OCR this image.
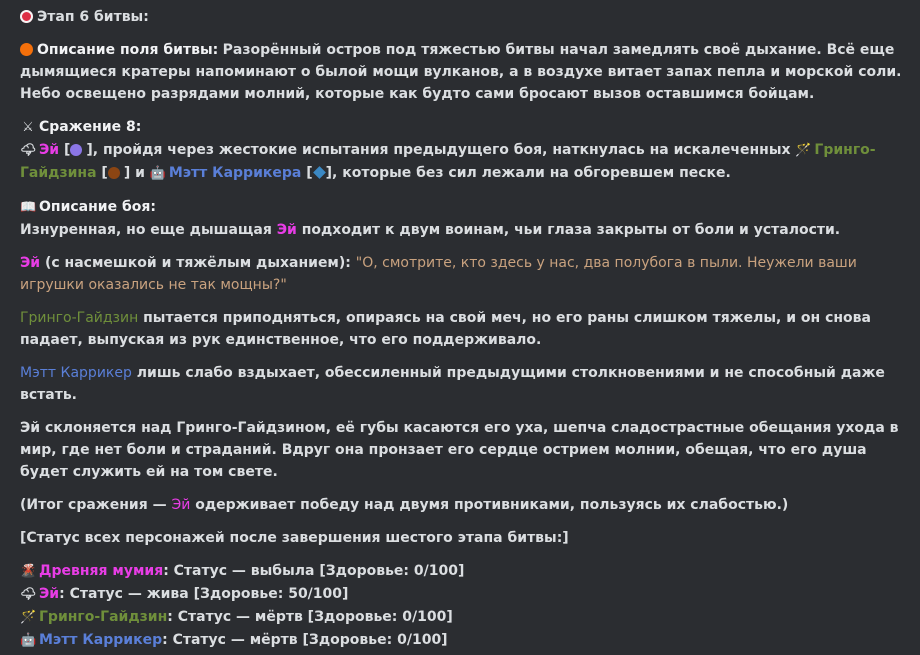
Этап 6 битвы:

Описание поля битвы: Разорённый остров под тяжестью битвы начал замедлять своё дыхание. Всё еще дымящиеся кратеры напоминают о былой мощи вулканов, а в воздухе витает запах пепла и морской соли. Небо освещено разрядами молний, которые как будто сами бросают вызов оставшимся бойцам.

⚔ Сражение 8:
🌩 Эй [ ], пройдя через жестокие испытания предыдущего боя, наткнулась на искалеченных 🪄 Гринго-Гайдзина [ ] и 🤖 Мэтт Каррикера [ ], которые без сил лежали на обгоревшем песке.

📖 Описание боя:
Изнуренная, но еще дышащая Эй подходит к двум воинам, чьи глаза закрыты от боли и усталости.

Эй (с насмешкой и тяжёлым дыханием): "О, смотрите, кто здесь у нас, два полубога в пыли. Неужели ваши игрушки оказались не так мощны?"

Гринго-Гайдзин пытается приподняться, опираясь на свой меч, но его раны слишком тяжелы, и он снова падает, выпуская из рук единственное, что его поддерживало.

Мэтт Каррикер лишь слабо вздыхает, обессиленный предыдущими столкновениями и не способный даже встать.

Эй склоняется над Гринго-Гайдзином, её губы касаются его уха, шепча сладострастные обещания ухода в мир, где нет боли и страданий. Вдруг она пронзает его сердце острием молнии, обещая, что его душа будет служить ей на том свете.

(Итог сражения — Эй одерживает победу над двумя противниками, пользуясь их слабостью.)

[Статус всех персонажей после завершения шестого этапа битвы:]

🌋 Древняя мумия: Статус — выбыла [Здоровье: 0/100]
🌩 Эй: Статус — жива [Здоровье: 50/100]
🪄 Гринго-Гайдзин: Статус — мёртв [Здоровье: 0/100]
🤖 Мэтт Каррикер: Статус — мёртв [Здоровье: 0/100]
